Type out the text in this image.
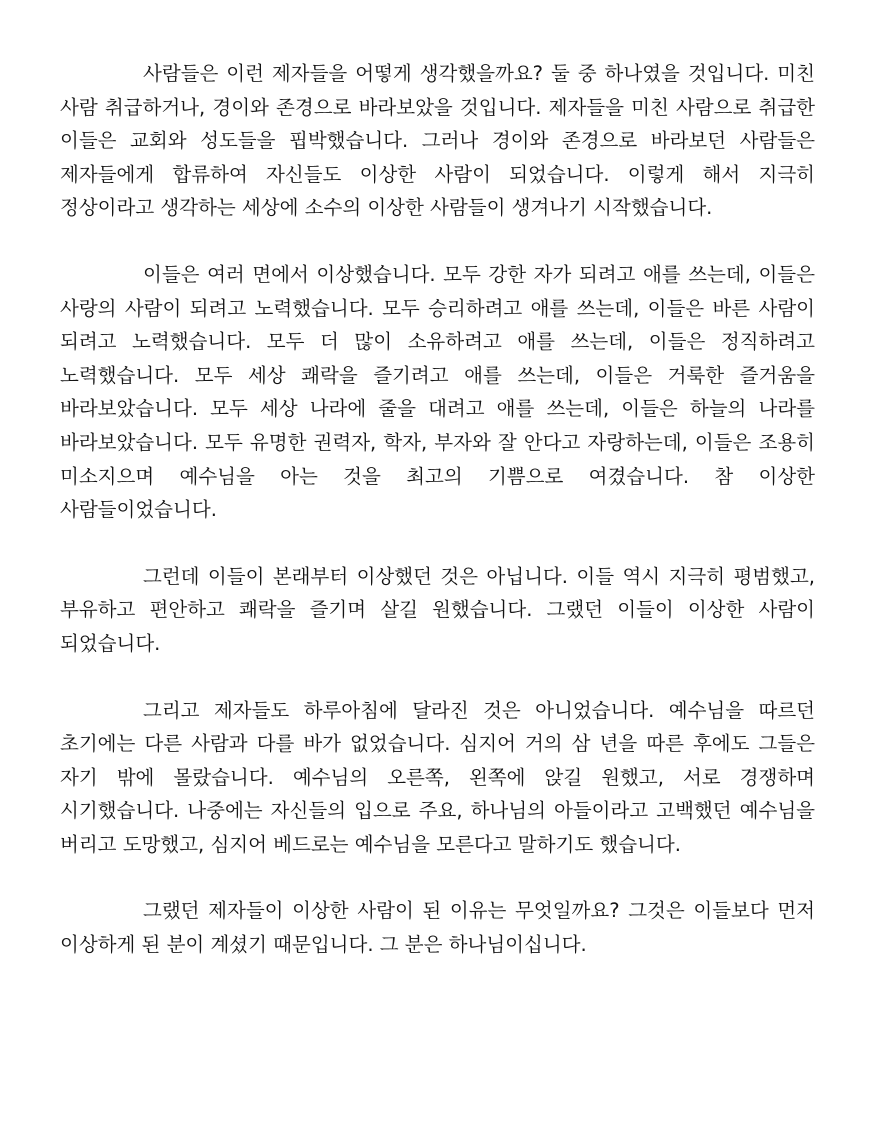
사람들은 이런 제자들을 어떻게 생각했을까요? 둘 중 하나였을 것입니다. 미친 사람 취급하거나, 경이와 존경으로 바라보았을 것입니다. 제자들을 미친 사람으로 취급한 이들은 교회와 성도들을 핍박했습니다. 그러나 경이와 존경으로 바라보던 사람들은 제자들에게 합류하여 자신들도 이상한 사람이 되었습니다. 이렇게 해서 지극히 정상이라고 생각하는 세상에 소수의 이상한 사람들이 생겨나기 시작했습니다.

이들은 여러 면에서 이상했습니다. 모두 강한 자가 되려고 애를 쓰는데, 이들은 사랑의 사람이 되려고 노력했습니다. 모두 승리하려고 애를 쓰는데, 이들은 바른 사람이 되려고 노력했습니다. 모두 더 많이 소유하려고 애를 쓰는데, 이들은 정직하려고 노력했습니다. 모두 세상 쾌락을 즐기려고 애를 쓰는데, 이들은 거룩한 즐거움을 바라보았습니다. 모두 세상 나라에 줄을 대려고 애를 쓰는데, 이들은 하늘의 나라를 바라보았습니다. 모두 유명한 권력자, 학자, 부자와 잘 안다고 자랑하는데, 이들은 조용히 미소지으며 예수님을 아는 것을 최고의 기쁨으로 여겼습니다. 참 이상한 사람들이었습니다.

그런데 이들이 본래부터 이상했던 것은 아닙니다. 이들 역시 지극히 평범했고, 부유하고 편안하고 쾌락을 즐기며 살길 원했습니다. 그랬던 이들이 이상한 사람이 되었습니다.

그리고 제자들도 하루아침에 달라진 것은 아니었습니다. 예수님을 따르던 초기에는 다른 사람과 다를 바가 없었습니다. 심지어 거의 삼 년을 따른 후에도 그들은 자기 밖에 몰랐습니다. 예수님의 오른쪽, 왼쪽에 앉길 원했고, 서로 경쟁하며 시기했습니다. 나중에는 자신들의 입으로 주요, 하나님의 아들이라고 고백했던 예수님을 버리고 도망했고, 심지어 베드로는 예수님을 모른다고 말하기도 했습니다.

그랬던 제자들이 이상한 사람이 된 이유는 무엇일까요? 그것은 이들보다 먼저 이상하게 된 분이 계셨기 때문입니다. 그 분은 하나님이십니다.
